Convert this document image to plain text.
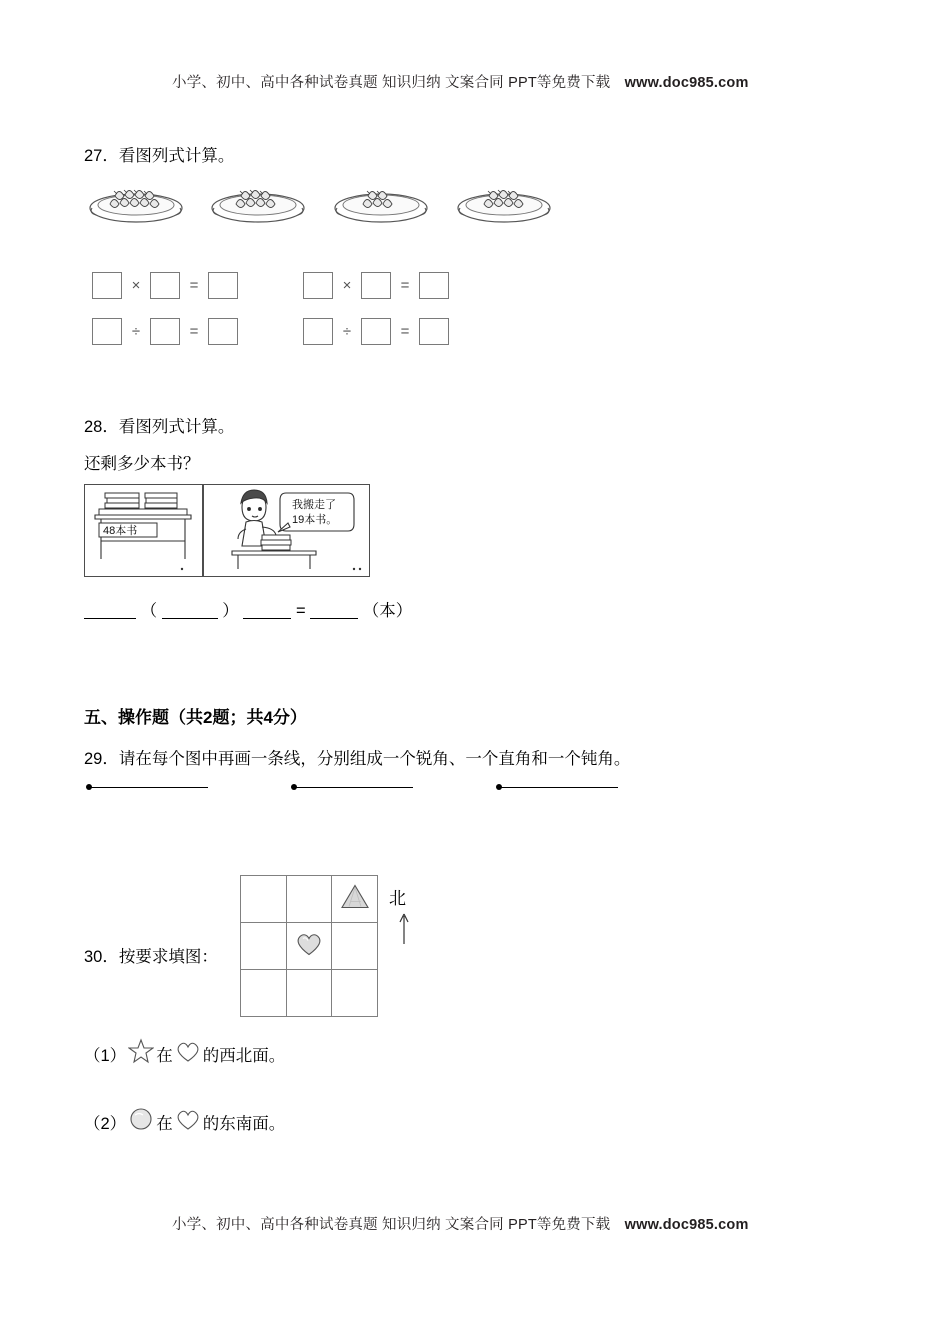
小学、初中、高中各种试卷真题 知识归纳 文案合同 PPT等免费下载 www.doc985.com
27．看图列式计算。
×	=	×	=
÷	=	÷	=
28．看图列式计算。
还剩多少本书？
48本书
我搬走了
19本书。
（	）	=	（本）
五、操作题（共2题；共4分）
29．请在每个图中再画一条线，分别组成一个锐角、一个直角和一个钝角。
30．按要求填图：

北
（1） 在 的西北面。
（2） 在 的东南面。
小学、初中、高中各种试卷真题 知识归纳 文案合同 PPT等免费下载 www.doc985.com
